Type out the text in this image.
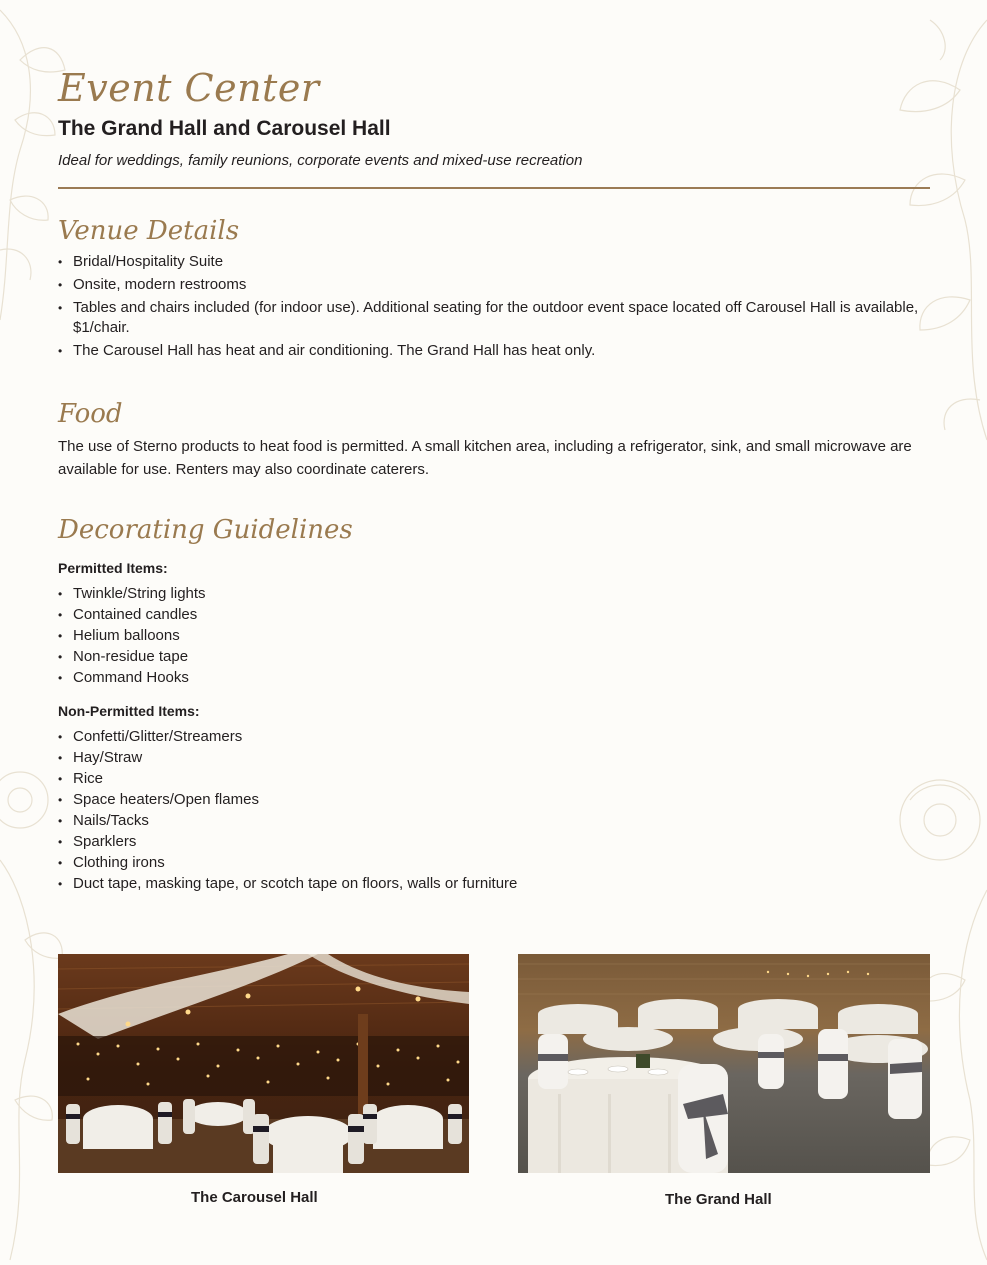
Event Center
The Grand Hall and Carousel Hall

Ideal for weddings, family reunions, corporate events and mixed-use recreation

Venue Details
• Bridal/Hospitality Suite
• Onsite, modern restrooms
• Tables and chairs included (for indoor use). Additional seating for the outdoor event space located off Carousel Hall is available, $1/chair.
• The Carousel Hall has heat and air conditioning. The Grand Hall has heat only.
Food

The use of Sterno products to heat food is permitted. A small kitchen area, including a refrigerator, sink, and small microwave are available for use. Renters may also coordinate caterers.

Decorating Guidelines

Permitted Items:

• Twinkle/String lights
• Contained candles
• Helium balloons
• Non-residue tape
• Command Hooks

Non-Permitted Items:

• Confetti/Glitter/Streamers
• Hay/Straw
• Rice
• Space heaters/Open flames
• Nails/Tacks
• Sparklers
• Clothing irons
• Duct tape, masking tape, or scotch tape on floors, walls or furniture

The Carousel Hall	The Grand Hall
